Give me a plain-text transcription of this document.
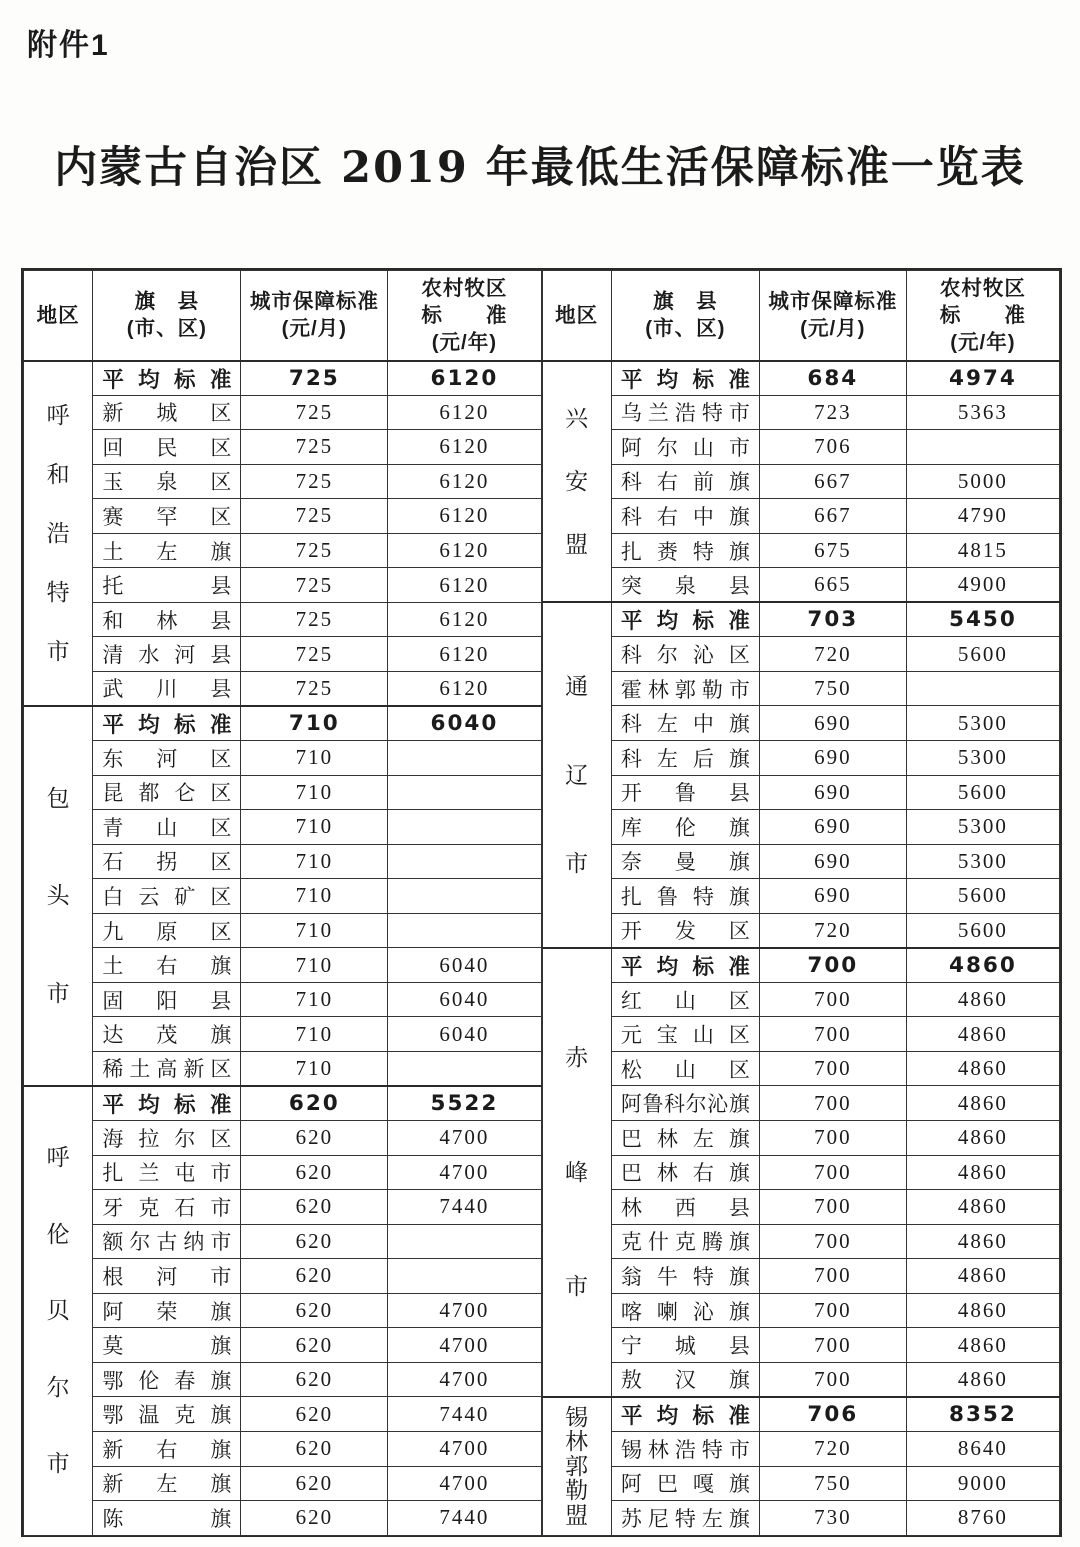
附件1
内蒙古自治区 2019 年最低生活保障标准一览表
地区	
旗　县
(市、区)

城市保障标准
(元/月)

农村牧区
标　　准
(元/年)

呼
和
浩
特
市	平均标准	725	6120
	新城区	725	6120
	回民区	725	6120
	玉泉区	725	6120
	赛罕区	725	6120
	土左旗	725	6120
	托县	725	6120
	和林县	725	6120
	清水河县	725	6120
	武川县	725	6120

包
头
市	平均标准	710	6040
	东河区	710	
	昆都仑区	710	
	青山区	710	
	石拐区	710	
	白云矿区	710	
	九原区	710	
	土右旗	710	6040
	固阳县	710	6040
	达茂旗	710	6040
	稀土高新区	710	

呼
伦
贝
尔
市	平均标准	620	5522
	海拉尔区	620	4700
	扎兰屯市	620	4700
	牙克石市	620	7440
	额尔古纳市	620	
	根河市	620	
	阿荣旗	620	4700
	莫旗	620	4700
	鄂伦春旗	620	4700
	鄂温克旗	620	7440
	新右旗	620	4700
	新左旗	620	4700
	陈旗	620	7440
地区	
旗　县
(市、区)

城市保障标准
(元/月)

农村牧区
标　　准
(元/年)

兴
安
盟	平均标准	684	4974
	乌兰浩特市	723	5363
	阿尔山市	706	
	科右前旗	667	5000
	科右中旗	667	4790
	扎赉特旗	675	4815
	突泉县	665	4900

通
辽
市	平均标准	703	5450
	科尔沁区	720	5600
	霍林郭勒市	750	
	科左中旗	690	5300
	科左后旗	690	5300
	开鲁县	690	5600
	库伦旗	690	5300
	奈曼旗	690	5300
	扎鲁特旗	690	5600
	开发区	720	5600

赤
峰
市	平均标准	700	4860
	红山区	700	4860
	元宝山区	700	4860
	松山区	700	4860
	阿鲁科尔沁旗	700	4860
	巴林左旗	700	4860
	巴林右旗	700	4860
	林西县	700	4860
	克什克腾旗	700	4860
	翁牛特旗	700	4860
	喀喇沁旗	700	4860
	宁城县	700	4860
	敖汉旗	700	4860

锡
林
郭
勒
盟	平均标准	706	8352
	锡林浩特市	720	8640
	阿巴嘎旗	750	9000
	苏尼特左旗	730	8760
